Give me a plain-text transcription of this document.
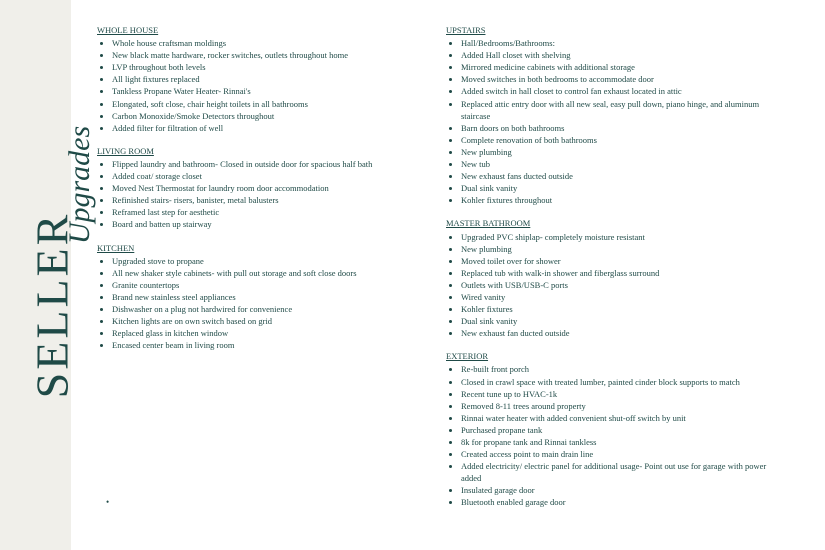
SELLER
Upgrades
WHOLE HOUSE
• Whole house craftsman moldings
• New black matte hardware, rocker switches, outlets throughout home
• LVP throughout both levels
• All light fixtures replaced
• Tankless Propane Water Heater- Rinnai's
• Elongated, soft close, chair height toilets in all bathrooms
• Carbon Monoxide/Smoke Detectors throughout
• Added filter for filtration of well
LIVING ROOM
• Flipped laundry and bathroom- Closed in outside door for spacious half bath
• Added coat/ storage closet
• Moved Nest Thermostat for laundry room door accommodation
• Refinished stairs- risers, banister, metal balusters
• Reframed last step for aesthetic
• Board and batten up stairway
KITCHEN
• Upgraded stove to propane
• All new shaker style cabinets- with pull out storage and soft close doors
• Granite countertops
• Brand new stainless steel appliances
• Dishwasher on a plug not hardwired for convenience
• Kitchen lights are on own switch based on grid
• Replaced glass in kitchen window
• Encased center beam in living room
UPSTAIRS
• Hall/Bedrooms/Bathrooms:
• Added Hall closet with shelving
• Mirrored medicine cabinets with additional storage
• Moved switches in both bedrooms to accommodate door
• Added switch in hall closet to control fan exhaust located in attic
• Replaced attic entry door with all new seal, easy pull down, piano hinge, and aluminum staircase
• Barn doors on both bathrooms
• Complete renovation of both bathrooms
• New plumbing
• New tub
• New exhaust fans ducted outside
• Dual sink vanity
• Kohler fixtures throughout
MASTER BATHROOM
• Upgraded PVC shiplap- completely moisture resistant
• New plumbing
• Moved toilet over for shower
• Replaced tub with walk-in shower and fiberglass surround
• Outlets with USB/USB-C ports
• Wired vanity
• Kohler fixtures
• Dual sink vanity
• New exhaust fan ducted outside
EXTERIOR
• Re-built front porch
• Closed in crawl space with treated lumber, painted cinder block supports to match
• Recent tune up to HVAC-1k
• Removed 8-11 trees around property
• Rinnai water heater with added convenient shut-off switch by unit
• Purchased propane tank
• 8k for propane tank and Rinnai tankless
• Created access point to main drain line
• Added electricity/ electric panel for additional usage- Point out use for garage with power added
• Insulated garage door
• Bluetooth enabled garage door
•
